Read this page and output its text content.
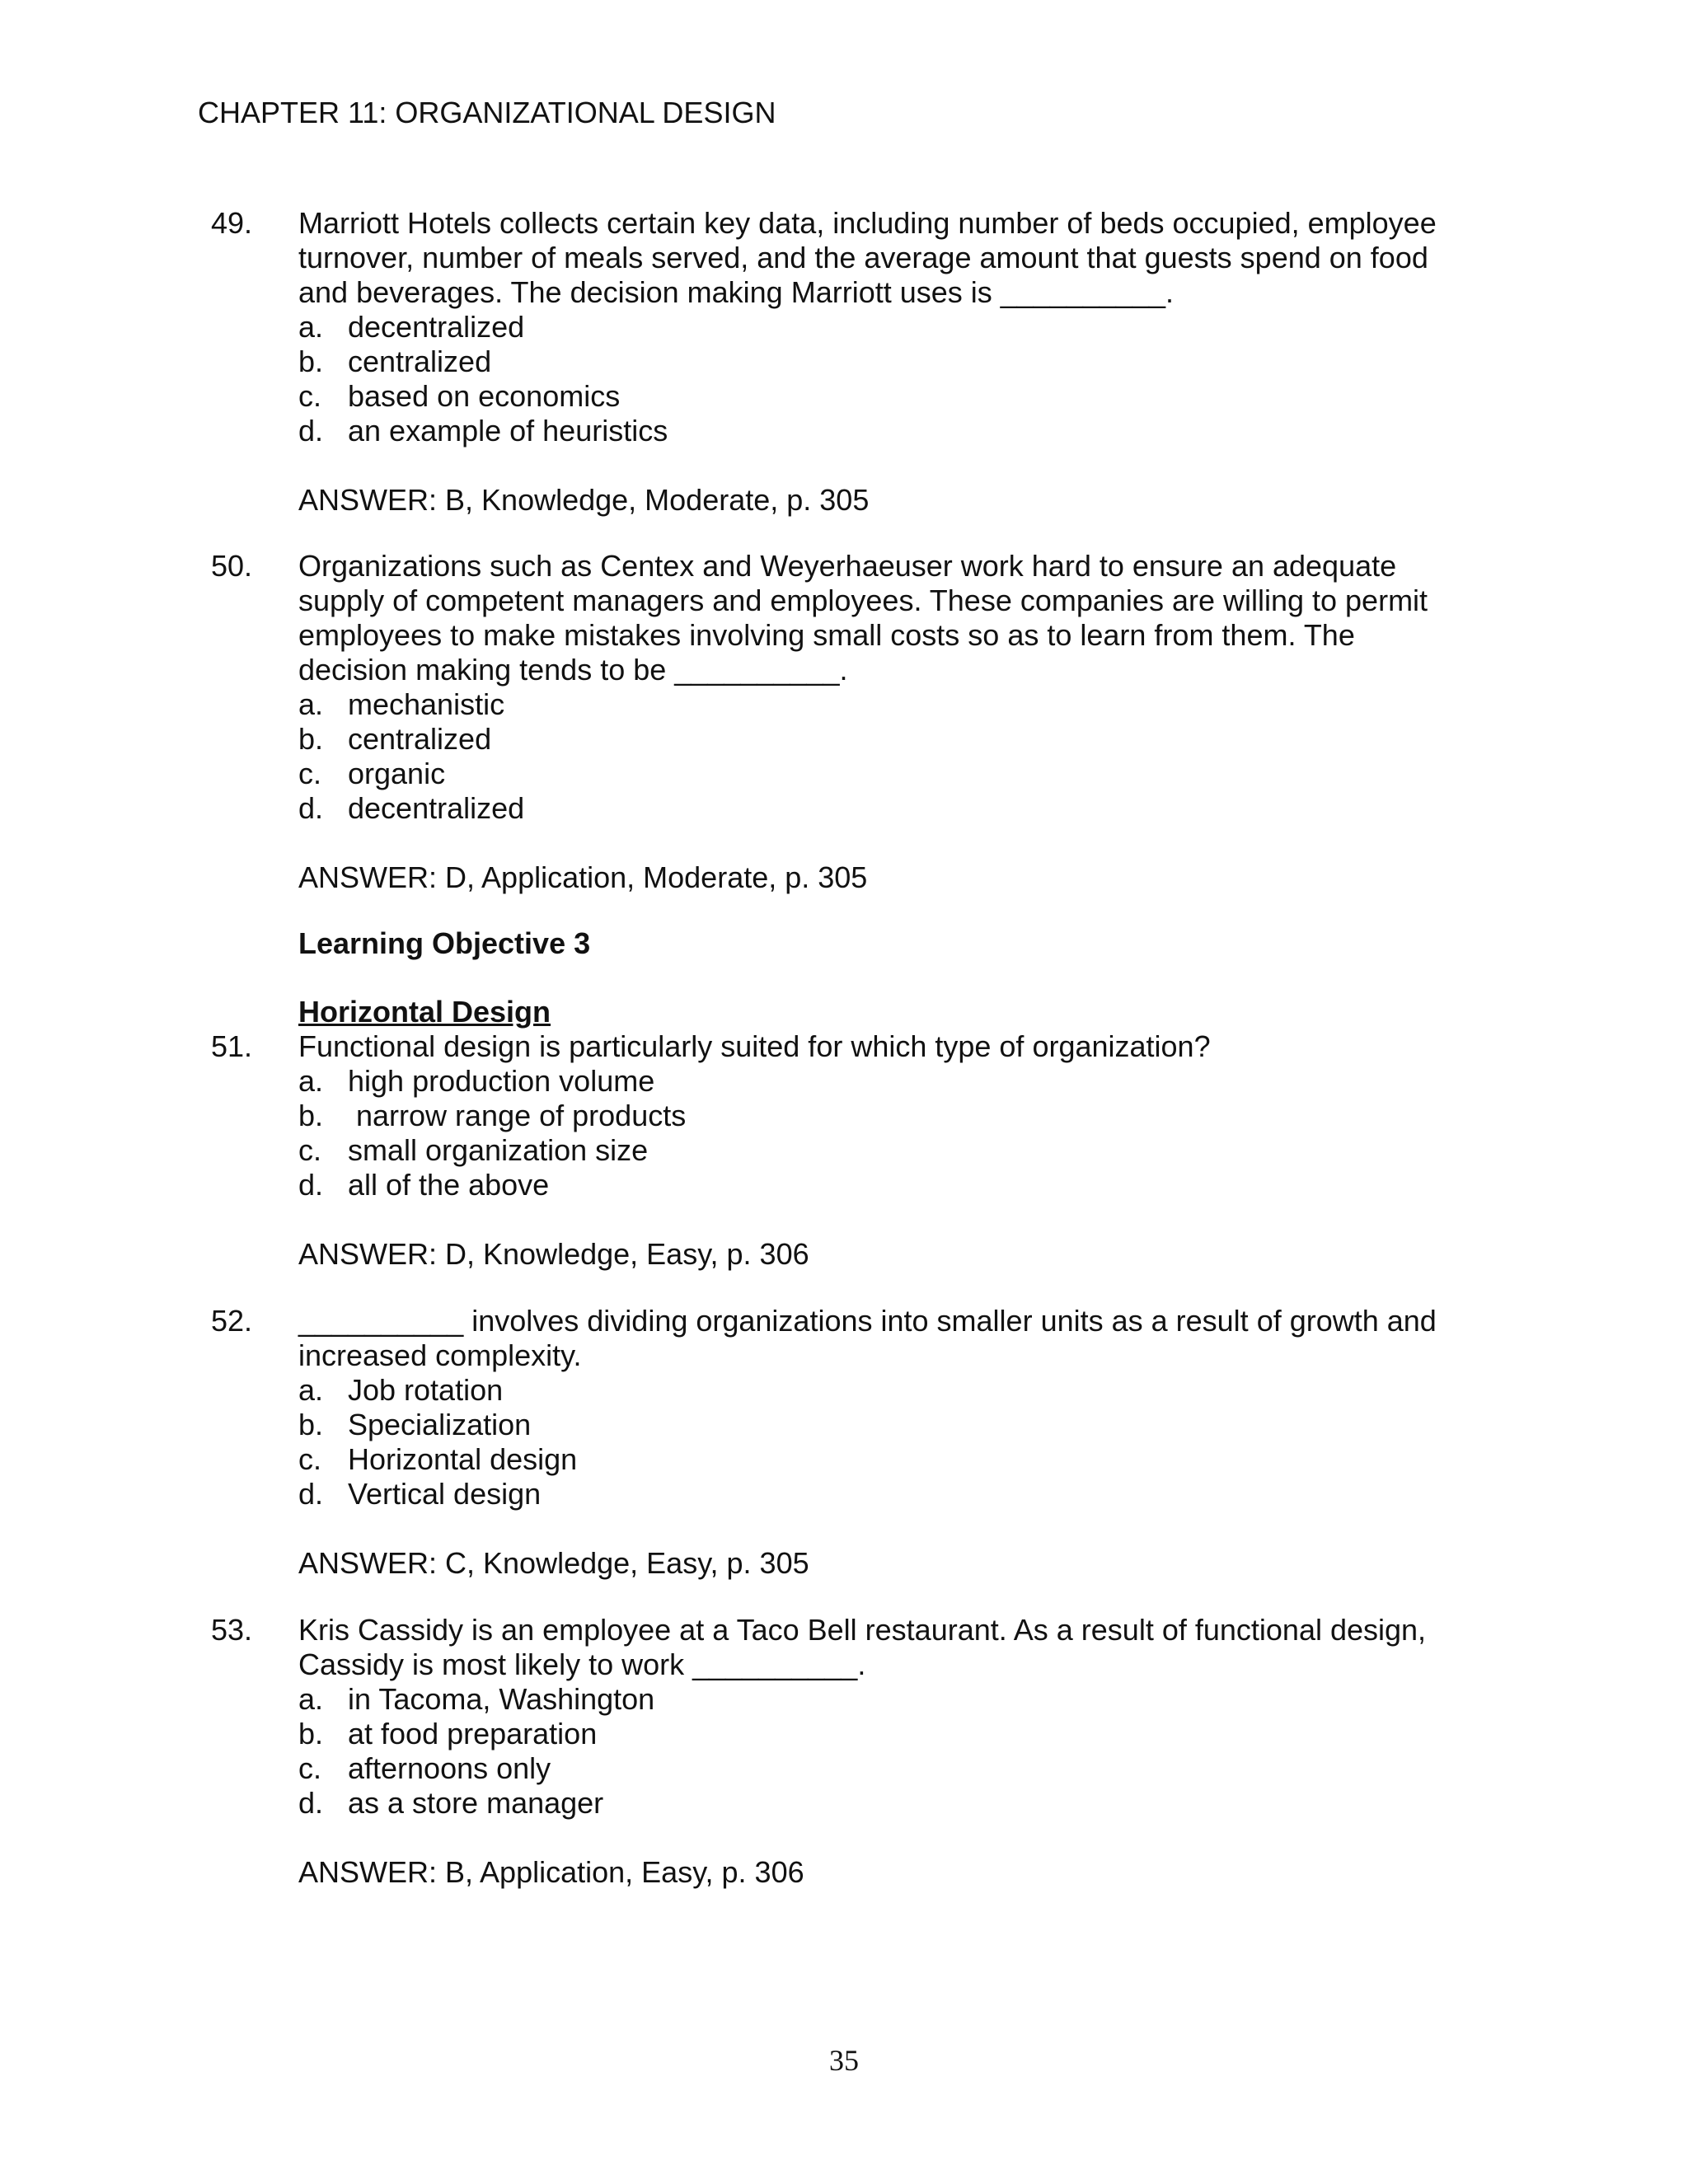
CHAPTER 11: ORGANIZATIONAL DESIGN
49. Marriott Hotels collects certain key data, including number of beds occupied, employee
turnover, number of meals served, and the average amount that guests spend on food
and beverages. The decision making Marriott uses is __________.
a. decentralized
b. centralized
c. based on economics
d. an example of heuristics
ANSWER: B, Knowledge, Moderate, p. 305
50. Organizations such as Centex and Weyerhaeuser work hard to ensure an adequate
supply of competent managers and employees. These companies are willing to permit
employees to make mistakes involving small costs so as to learn from them. The
decision making tends to be __________.
a. mechanistic
b. centralized
c. organic
d. decentralized
ANSWER: D, Application, Moderate, p. 305
Learning Objective 3
Horizontal Design
51. Functional design is particularly suited for which type of organization?
a. high production volume
b. narrow range of products
c. small organization size
d. all of the above
ANSWER: D, Knowledge, Easy, p. 306
52. __________ involves dividing organizations into smaller units as a result of growth and
increased complexity.
a. Job rotation
b. Specialization
c. Horizontal design
d. Vertical design
ANSWER: C, Knowledge, Easy, p. 305
53. Kris Cassidy is an employee at a Taco Bell restaurant. As a result of functional design,
Cassidy is most likely to work __________.
a. in Tacoma, Washington
b. at food preparation
c. afternoons only
d. as a store manager
ANSWER: B, Application, Easy, p. 306
35
